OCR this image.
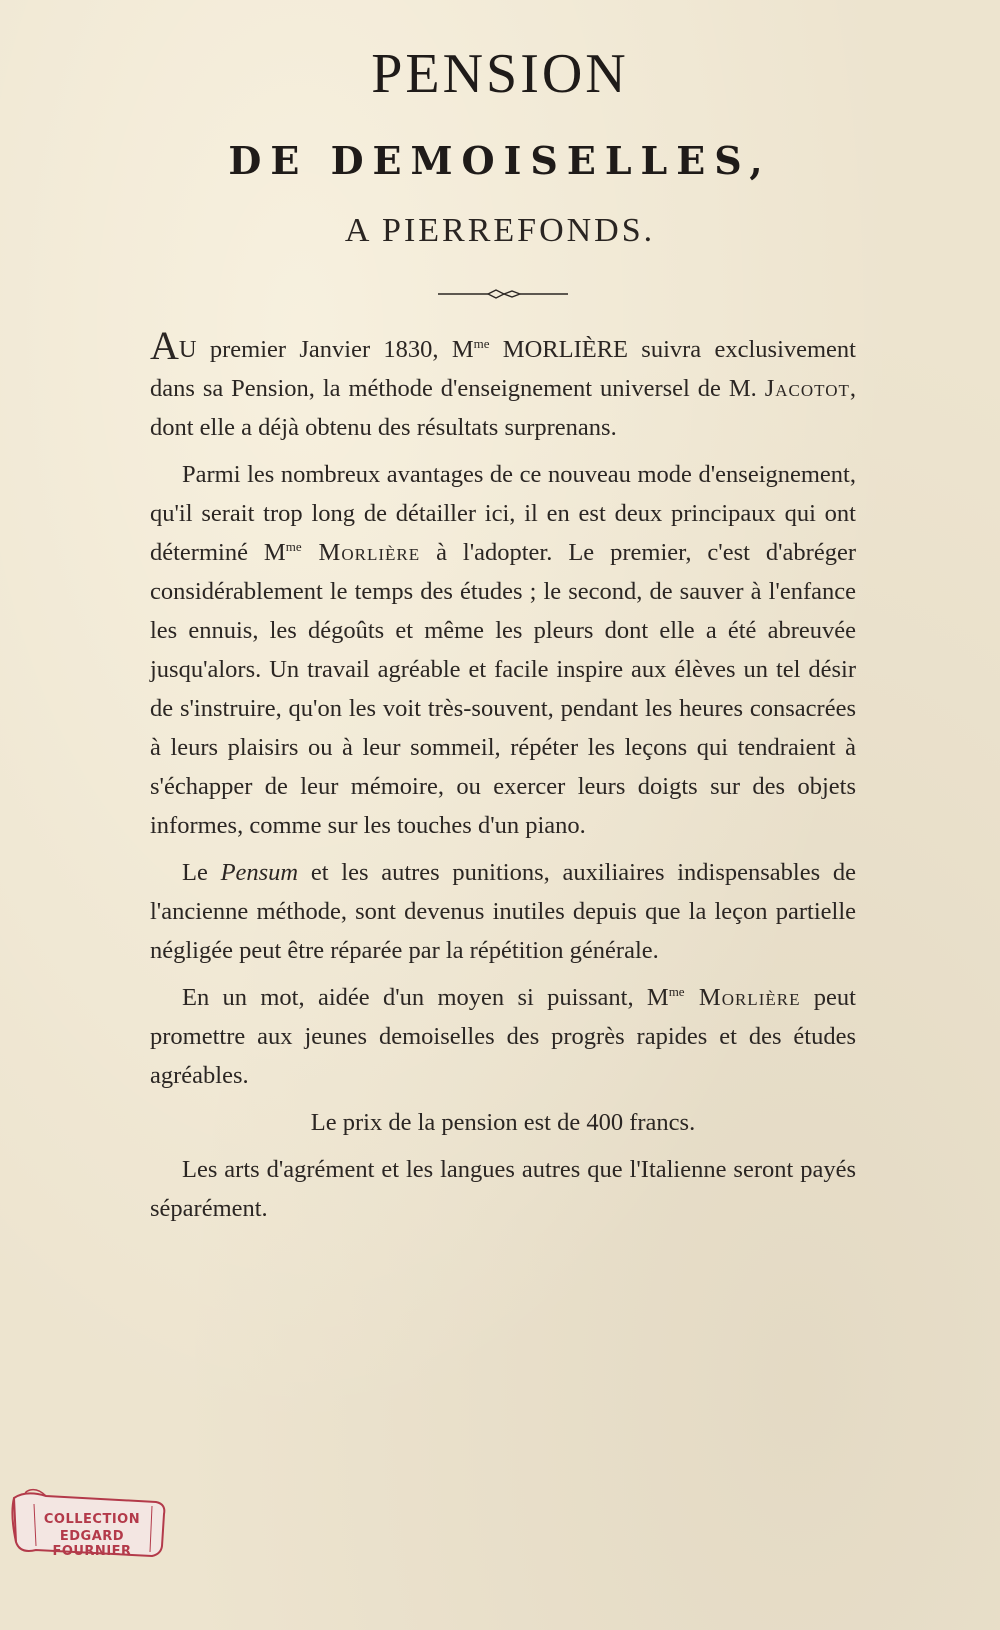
PENSION
DE DEMOISELLES,
A PIERREFONDS.

AU premier Janvier 1830, $M^{me}$ MORLIÈRE suivra exclusivement dans sa Pension, la méthode d'enseignement universel de M. Jacotot, dont elle a déjà obtenu des résultats surprenans.

Parmi les nombreux avantages de ce nouveau mode d'enseignement, qu'il serait trop long de détailler ici, il en est deux principaux qui ont déterminé $M^{me}$ Morlière à l'adopter. Le premier, c'est d'abréger considérablement le temps des études ; le second, de sauver à l'enfance les ennuis, les dégoûts et même les pleurs dont elle a été abreuvée jusqu'alors. Un travail agréable et facile inspire aux élèves un tel désir de s'instruire, qu'on les voit très-souvent, pendant les heures consacrées à leurs plaisirs ou à leur sommeil, répéter les leçons qui tendraient à s'échapper de leur mémoire, ou exercer leurs doigts sur des objets informes, comme sur les touches d'un piano.

Le Pensum et les autres punitions, auxiliaires indispensables de l'ancienne méthode, sont devenus inutiles depuis que la leçon partielle négligée peut être réparée par la répétition générale.

En un mot, aidée d'un moyen si puissant, $M^{me}$ Morlière peut promettre aux jeunes demoiselles des progrès rapides et des études agréables.

Le prix de la pension est de 400 francs.

Les arts d'agrément et les langues autres que l'Italienne seront payés séparément.

COLLECTION
EDGARD FOURNIER
